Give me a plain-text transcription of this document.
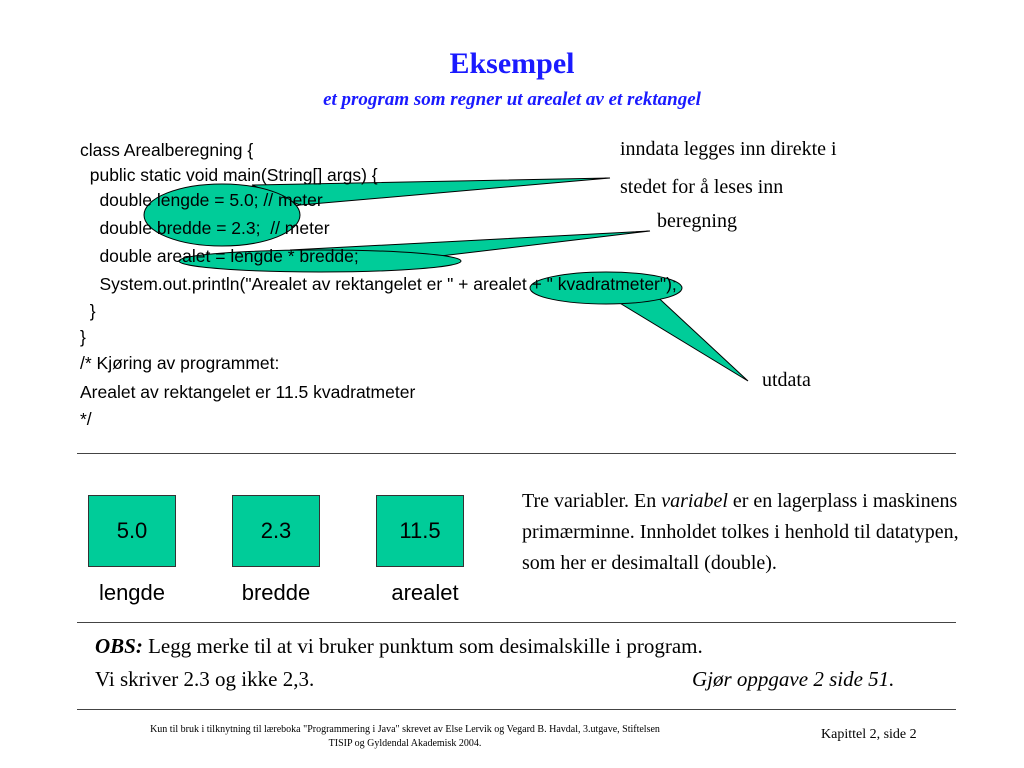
Eksempel
et program som regner ut arealet av et rektangel
class Arealberegning {
public static void main(String[] args) {
double lengde = 5.0; // meter
double bredde = 2.3;  // meter
double arealet = lengde * bredde;
System.out.println("Arealet av rektangelet er " + arealet + " kvadratmeter");
}
}
/* Kjøring av programmet:
Arealet av rektangelet er 11.5 kvadratmeter
*/
inndata legges inn direkte i
stedet for å leses inn
beregning
utdata
5.0	2.3	11.5
lengde	bredde	arealet
Tre variabler. En variabel er en lagerplass i maskinens primærminne. Innholdet tolkes i henhold til datatypen, som her er desimaltall (double).
OBS: Legg merke til at vi bruker punktum som desimalskille i program.
Vi skriver 2.3 og ikke 2,3.	Gjør oppgave 2 side 51.
Kun til bruk i tilknytning til læreboka "Programmering i Java" skrevet av Else Lervik og Vegard B. Havdal, 3.utgave, Stiftelsen TISIP og Gyldendal Akademisk 2004.
Kapittel 2, side 2
